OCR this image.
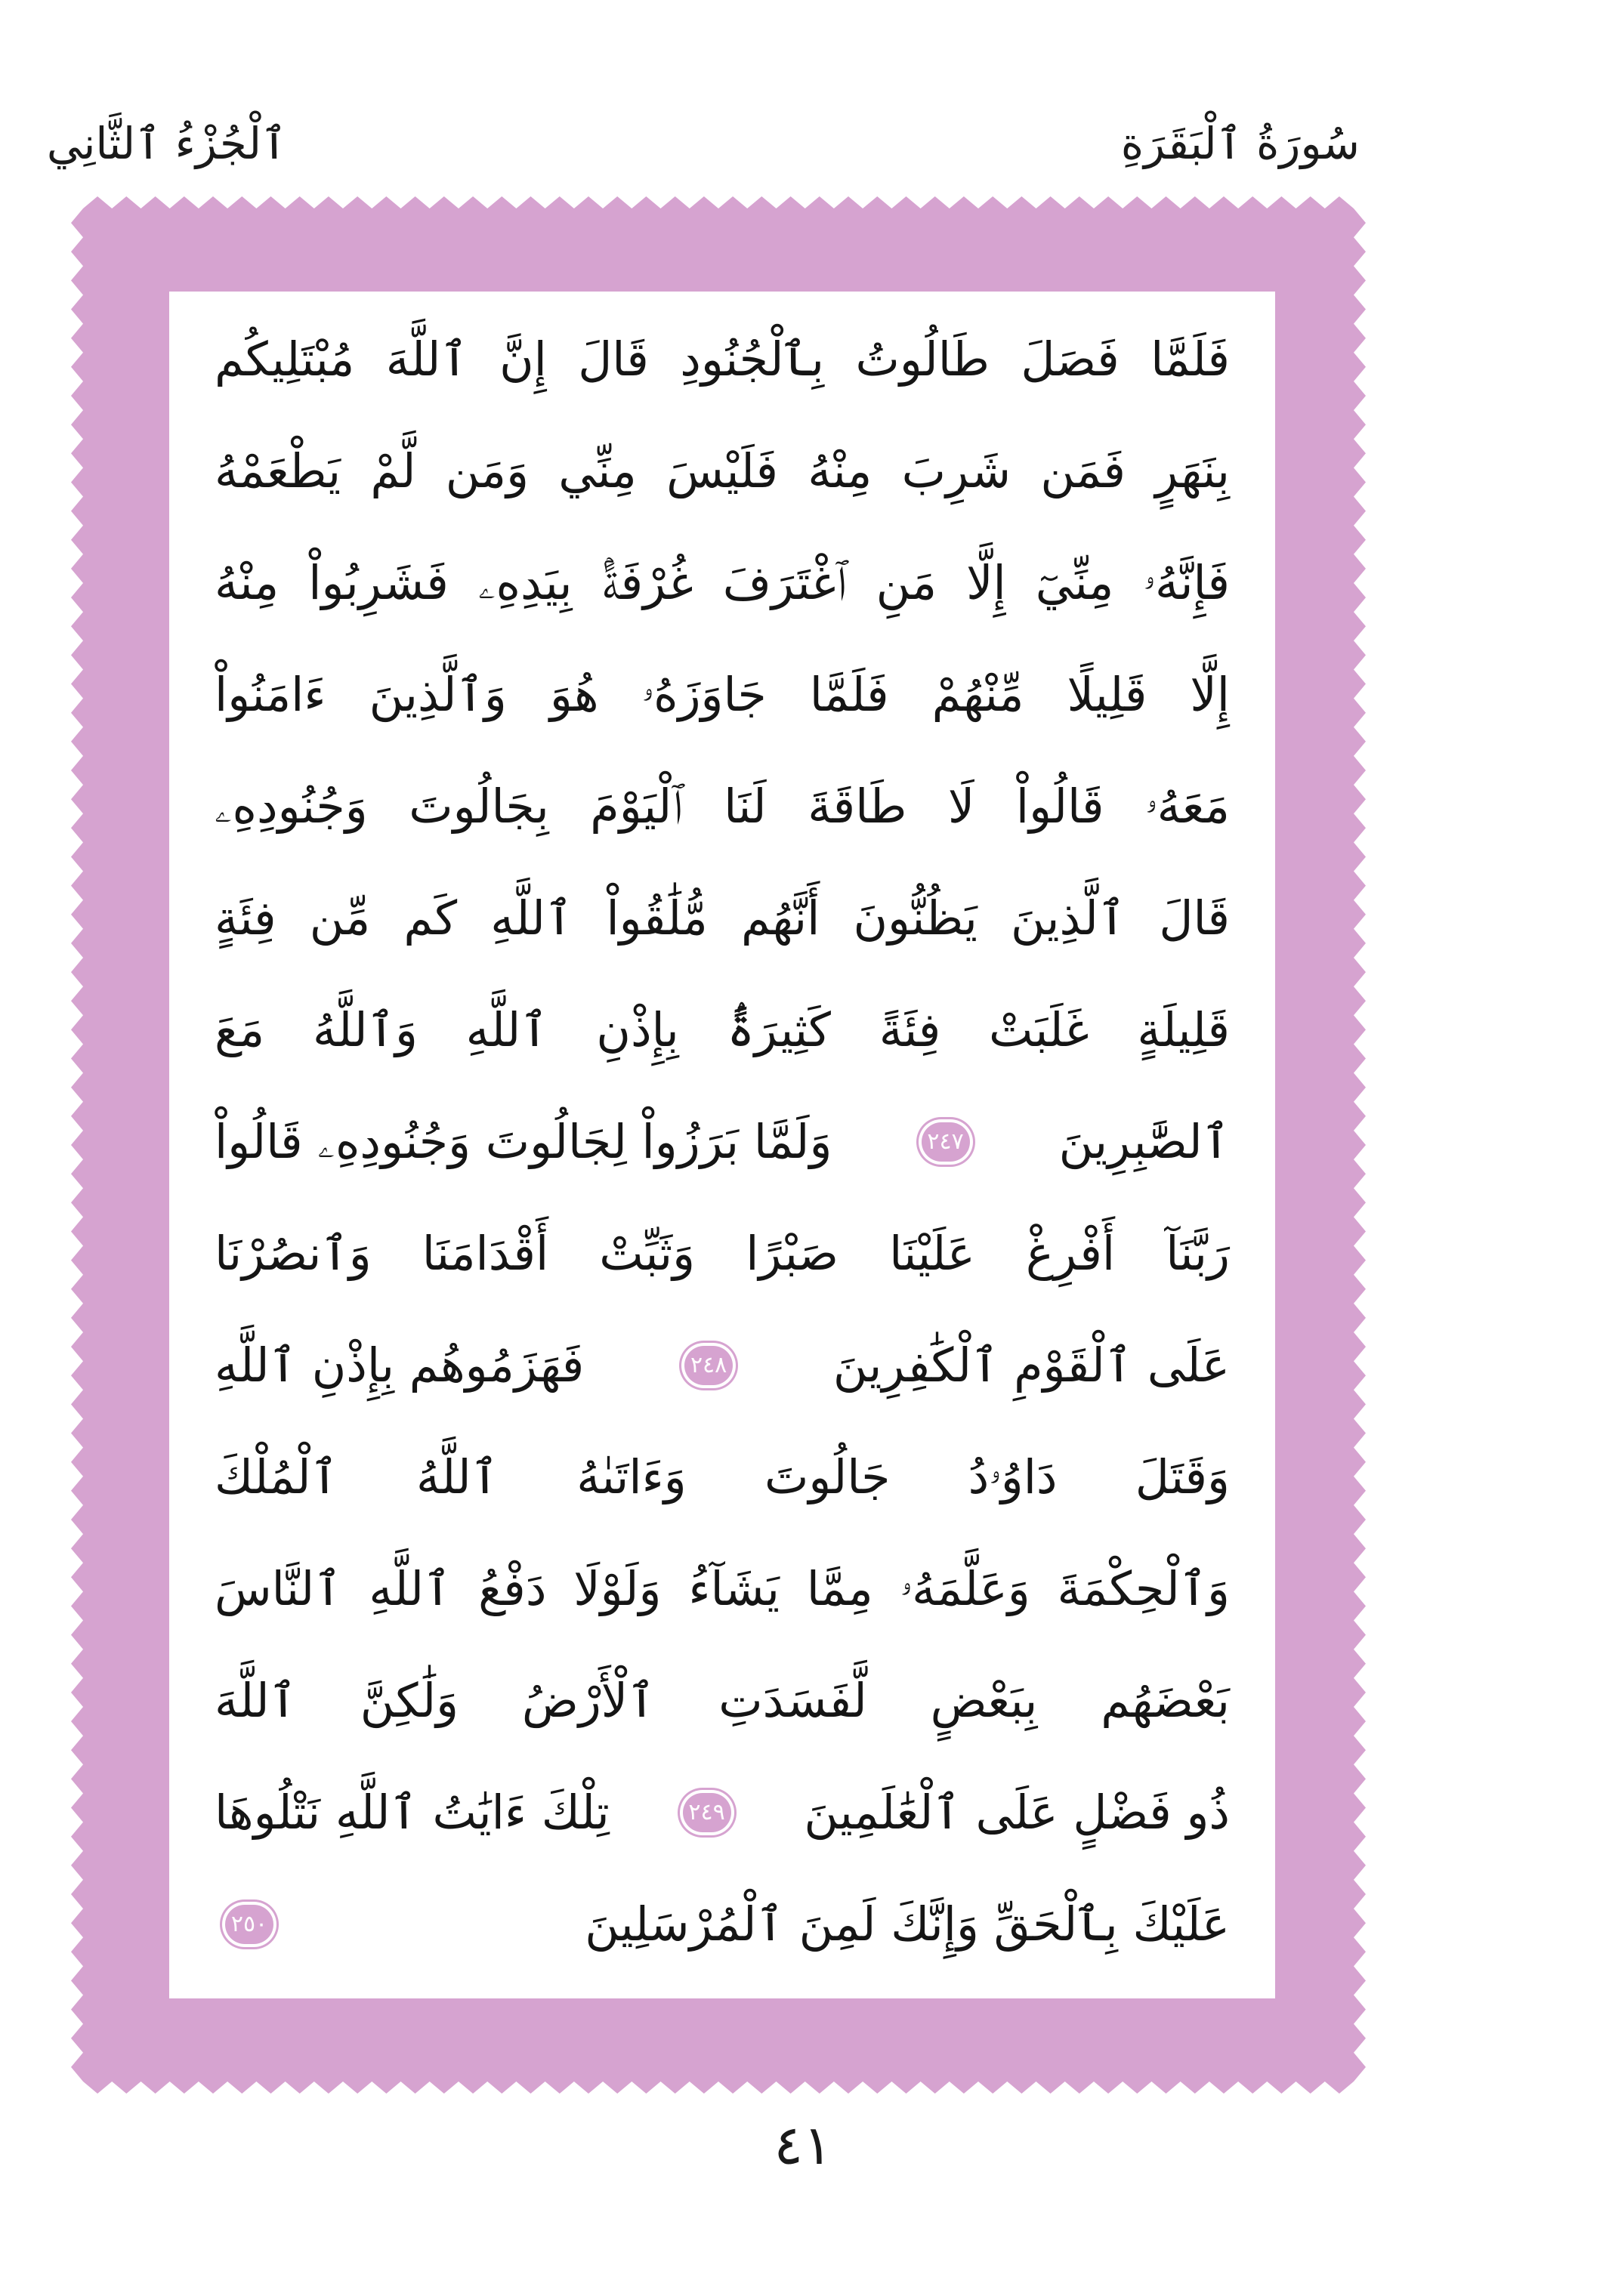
سُورَةُ ٱلْبَقَرَةِ
ٱلْجُزْءُ ٱلثَّانِي
فَلَمَّا فَصَلَ طَالُوتُ بِٱلْجُنُودِ قَالَ إِنَّ ٱللَّهَ مُبْتَلِيكُم
بِنَهَرٍ فَمَن شَرِبَ مِنْهُ فَلَيْسَ مِنِّي وَمَن لَّمْ يَطْعَمْهُ
فَإِنَّهُۥ مِنِّيٓ إِلَّا مَنِ ٱغْتَرَفَ غُرْفَةًۢ بِيَدِهِۦ فَشَرِبُواْ مِنْهُ
إِلَّا قَلِيلًا مِّنْهُمْ فَلَمَّا جَاوَزَهُۥ هُوَ وَٱلَّذِينَ ءَامَنُواْ
مَعَهُۥ قَالُواْ لَا طَاقَةَ لَنَا ٱلْيَوْمَ بِجَالُوتَ وَجُنُودِهِۦ
قَالَ ٱلَّذِينَ يَظُنُّونَ أَنَّهُم مُّلَٰقُواْ ٱللَّهِ كَم مِّن فِئَةٍ
قَلِيلَةٍ غَلَبَتْ فِئَةً كَثِيرَةًۢ بِإِذْنِ ٱللَّهِ وَٱللَّهُ مَعَ
ٱلصَّٰبِرِينَ
٢٤٧
وَلَمَّا بَرَزُواْ لِجَالُوتَ وَجُنُودِهِۦ قَالُواْ
رَبَّنَآ أَفْرِغْ عَلَيْنَا صَبْرًا وَثَبِّتْ أَقْدَامَنَا وَٱنصُرْنَا
عَلَى ٱلْقَوْمِ ٱلْكَٰفِرِينَ
٢٤٨
فَهَزَمُوهُم بِإِذْنِ ٱللَّهِ
وَقَتَلَ دَاوُۥدُ جَالُوتَ وَءَاتَىٰهُ ٱللَّهُ ٱلْمُلْكَ
وَٱلْحِكْمَةَ وَعَلَّمَهُۥ مِمَّا يَشَآءُ وَلَوْلَا دَفْعُ ٱللَّهِ ٱلنَّاسَ
بَعْضَهُم بِبَعْضٍ لَّفَسَدَتِ ٱلْأَرْضُ وَلَٰكِنَّ ٱللَّهَ
ذُو فَضْلٍ عَلَى ٱلْعَٰلَمِينَ
٢٤٩
تِلْكَ ءَايَٰتُ ٱللَّهِ نَتْلُوهَا
عَلَيْكَ بِٱلْحَقِّ وَإِنَّكَ لَمِنَ ٱلْمُرْسَلِينَ
٢٥٠
٤١
